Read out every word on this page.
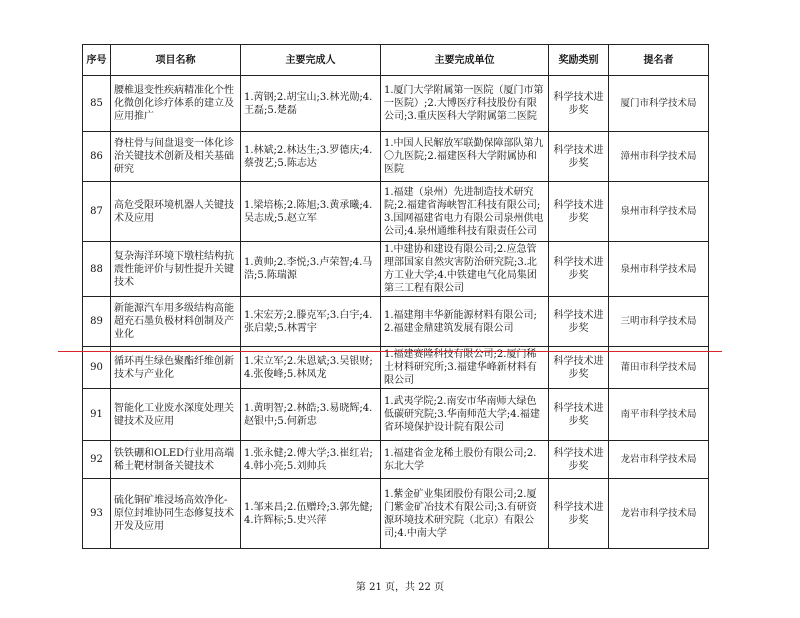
序号	项目名称	主要完成人	主要完成单位	奖励类别	提名者
85	腰椎退变性疾病精准化个性化微创化诊疗体系的建立及应用推广	1.苪钢;2.胡宝山;3.林光勋;4.王磊;5.楚磊	1.厦门大学附属第一医院（厦门市第一医院）;2.大博医疗科技股份有限公司;3.重庆医科大学附属第二医院	科学技术进步奖	厦门市科学技术局
86	脊柱骨与间盘退变一体化诊治关键技术创新及相关基础研究	1.林斌;2.林达生;3.罗德庆;4.蔡弢艺;5.陈志达	1.中国人民解放军联勤保障部队第九〇九医院;2.福建医科大学附属协和医院	科学技术进步奖	漳州市科学技术局
87	高危受限环境机器人关键技术及应用	1.梁培栋;2.陈旭;3.黄承曦;4.吴志成;5.赵立军	1.福建（泉州）先进制造技术研究院;2.福建省海峡智汇科技有限公司;3.国网福建省电力有限公司泉州供电公司;4.泉州通维科技有限责任公司	科学技术进步奖	泉州市科学技术局
88	复杂海洋环境下墩柱结构抗震性能评价与韧性提升关键技术	1.黄帅;2.李悦;3.卢荣智;4.马浩;5.陈瑞源	1.中建协和建设有限公司;2.应急管理部国家自然灾害防治研究院;3.北方工业大学;4.中铁建电气化局集团第三工程有限公司	科学技术进步奖	泉州市科学技术局
89	新能源汽车用多级结构高能超充石墨负极材料创制及产业化	1.宋宏芳;2.滕克军;3.白宇;4.张启蒙;5.林霄宇	1.福建翔丰华新能源材料有限公司;2.福建金鼎建筑发展有限公司	科学技术进步奖	三明市科学技术局
90	循环再生绿色聚酯纤维创新技术与产业化	1.宋立军;2.朱恩斌;3.吴银财;4.张俊峰;5.林凤龙	1.福建赛隆科技有限公司;2.厦门稀土材料研究所;3.福建华峰新材料有限公司	科学技术进步奖	莆田市科学技术局
91	智能化工业废水深度处理关键技术及应用	1.黄明智;2.林皓;3.易晓辉;4.赵银中;5.何新忠	1.武夷学院;2.南安市华南师大绿色低碳研究院;3.华南师范大学;4.福建省环境保护设计院有限公司	科学技术进步奖	南平市科学技术局
92	铁铁硼和OLED行业用高端稀土靶材制备关键技术	1.张永健;2.傅大学;3.崔红岩;4.韩小亮;5.刘帅兵	1.福建省金龙稀土股份有限公司;2.东北大学	科学技术进步奖	龙岩市科学技术局
93	硫化铜矿堆浸场高效净化-原位封堆协同生态修复技术开发及应用	1.邹来昌;2.伍赠玲;3.郭先健;4.许辉标;5.史兴萍	1.紫金矿业集团股份有限公司;2.厦门紫金矿冶技术有限公司;3.有研资源环境技术研究院（北京）有限公司;4.中南大学	科学技术进步奖	龙岩市科学技术局
第 21 页，共 22 页
